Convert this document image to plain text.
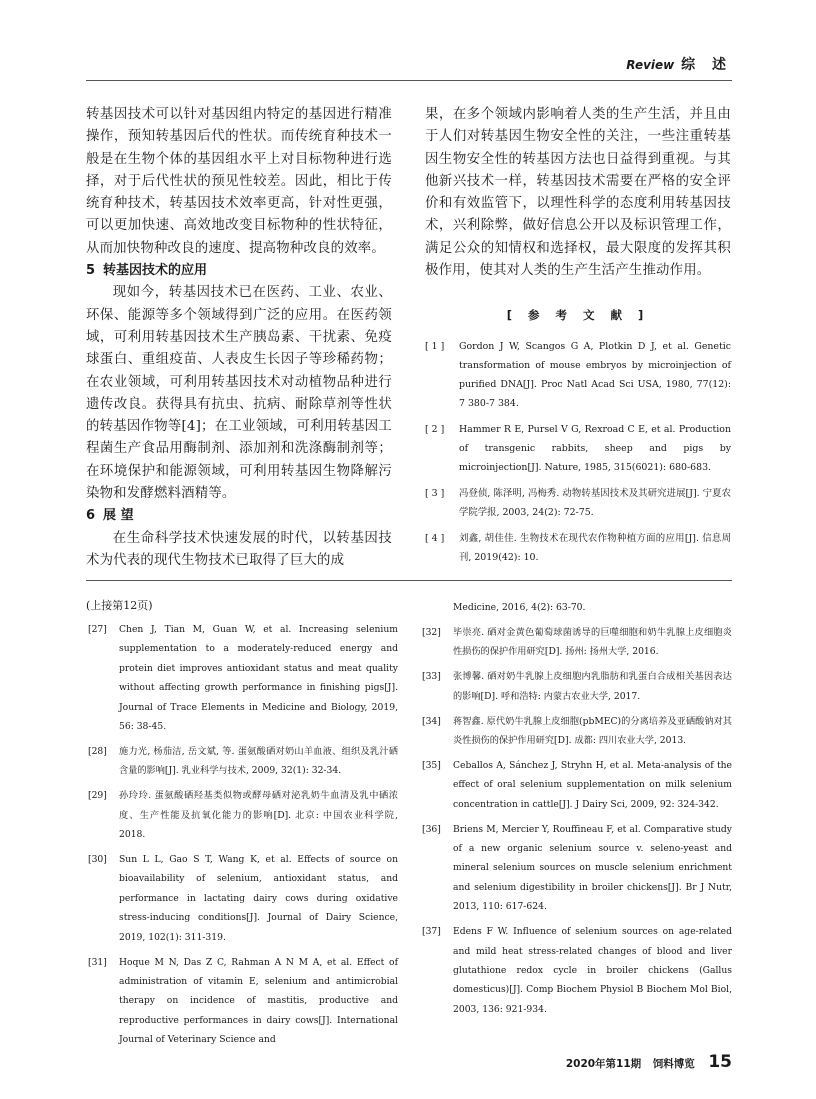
Review 综 述

转基因技术可以针对基因组内特定的基因进行精准操作，预知转基因后代的性状。而传统育种技术一般是在生物个体的基因组水平上对目标物种进行选择，对于后代性状的预见性较差。因此，相比于传统育种技术，转基因技术效率更高，针对性更强，可以更加快速、高效地改变目标物种的性状特征，从而加快物种改良的速度、提高物种改良的效率。

5 转基因技术的应用

现如今，转基因技术已在医药、工业、农业、环保、能源等多个领域得到广泛的应用。在医药领域，可利用转基因技术生产胰岛素、干扰素、免疫球蛋白、重组疫苗、人表皮生长因子等珍稀药物；在农业领域，可利用转基因技术对动植物品种进行遗传改良。获得具有抗虫、抗病、耐除草剂等性状的转基因作物等[4]；在工业领域，可利用转基因工程菌生产食品用酶制剂、添加剂和洗涤酶制剂等；在环境保护和能源领域，可利用转基因生物降解污染物和发酵燃料酒精等。

6 展 望

在生命科学技术快速发展的时代，以转基因技术为代表的现代生物技术已取得了巨大的成

果，在多个领域内影响着人类的生产生活，并且由于人们对转基因生物安全性的关注，一些注重转基因生物安全性的转基因方法也日益得到重视。与其他新兴技术一样，转基因技术需要在严格的安全评价和有效监管下，以理性科学的态度利用转基因技术，兴利除弊，做好信息公开以及标识管理工作，满足公众的知情权和选择权，最大限度的发挥其积极作用，使其对人类的生产生活产生推动作用。

[ 参 考 文 献 ]
[ 1 ] Gordon J W, Scangos G A, Plotkin D J, et al. Genetic transformation of mouse embryos by microinjection of purified DNA[J]. Proc Natl Acad Sci USA, 1980, 77(12): 7 380-7 384.
[ 2 ] Hammer R E, Pursel V G, Rexroad C E, et al. Production of transgenic rabbits, sheep and pigs by microinjection[J]. Nature, 1985, 315(6021): 680-683.
[ 3 ] 冯登侦, 陈泽明, 冯梅秀. 动物转基因技术及其研究进展[J]. 宁夏农学院学报, 2003, 24(2): 72-75.
[ 4 ] 刘鑫, 胡佳佳. 生物技术在现代农作物种植方面的应用[J]. 信息周刊, 2019(42): 10.

(上接第12页)

[27] Chen J, Tian M, Guan W, et al. Increasing selenium supplementation to a moderately-reduced energy and protein diet improves antioxidant status and meat quality without affecting growth performance in finishing pigs[J]. Journal of Trace Elements in Medicine and Biology, 2019, 56: 38-45.
[28] 施力光, 杨茄洁, 岳文斌, 等. 蛋氨酸硒对奶山羊血液、组织及乳汁硒含量的影响[J]. 乳业科学与技术, 2009, 32(1): 32-34.
[29] 孙玲玲. 蛋氨酸硒羟基类似物或酵母硒对泌乳奶牛血清及乳中硒浓度、生产性能及抗氧化能力的影响[D]. 北京: 中国农业科学院, 2018.
[30] Sun L L, Gao S T, Wang K, et al. Effects of source on bioavailability of selenium, antioxidant status, and performance in lactating dairy cows during oxidative stress-inducing conditions[J]. Journal of Dairy Science, 2019, 102(1): 311-319.
[31] Hoque M N, Das Z C, Rahman A N M A, et al. Effect of administration of vitamin E, selenium and antimicrobial therapy on incidence of mastitis, productive and reproductive performances in dairy cows[J]. International Journal of Veterinary Science and
Medicine, 2016, 4(2): 63-70.
[32] 毕崇亮. 硒对金黄色葡萄球菌诱导的巨噬细胞和奶牛乳腺上皮细胞炎性损伤的保护作用研究[D]. 扬州: 扬州大学, 2016.
[33] 张博馨. 硒对奶牛乳腺上皮细胞内乳脂肪和乳蛋白合成相关基因表达的影响[D]. 呼和浩特: 内蒙古农业大学, 2017.
[34] 蒋智鑫. 原代奶牛乳腺上皮细胞(pbMEC)的分离培养及亚硒酸钠对其炎性损伤的保护作用研究[D]. 成都: 四川农业大学, 2013.
[35] Ceballos A, Sánchez J, Stryhn H, et al. Meta-analysis of the effect of oral selenium supplementation on milk selenium concentration in cattle[J]. J Dairy Sci, 2009, 92: 324-342.
[36] Briens M, Mercier Y, Rouffineau F, et al. Comparative study of a new organic selenium source v. seleno-yeast and mineral selenium sources on muscle selenium enrichment and selenium digestibility in broiler chickens[J]. Br J Nutr, 2013, 110: 617-624.
[37] Edens F W. Influence of selenium sources on age-related and mild heat stress-related changes of blood and liver glutathione redox cycle in broiler chickens (Gallus domesticus)[J]. Comp Biochem Physiol B Biochem Mol Biol, 2003, 136: 921-934.
2020年第11期 饲料博览 15
